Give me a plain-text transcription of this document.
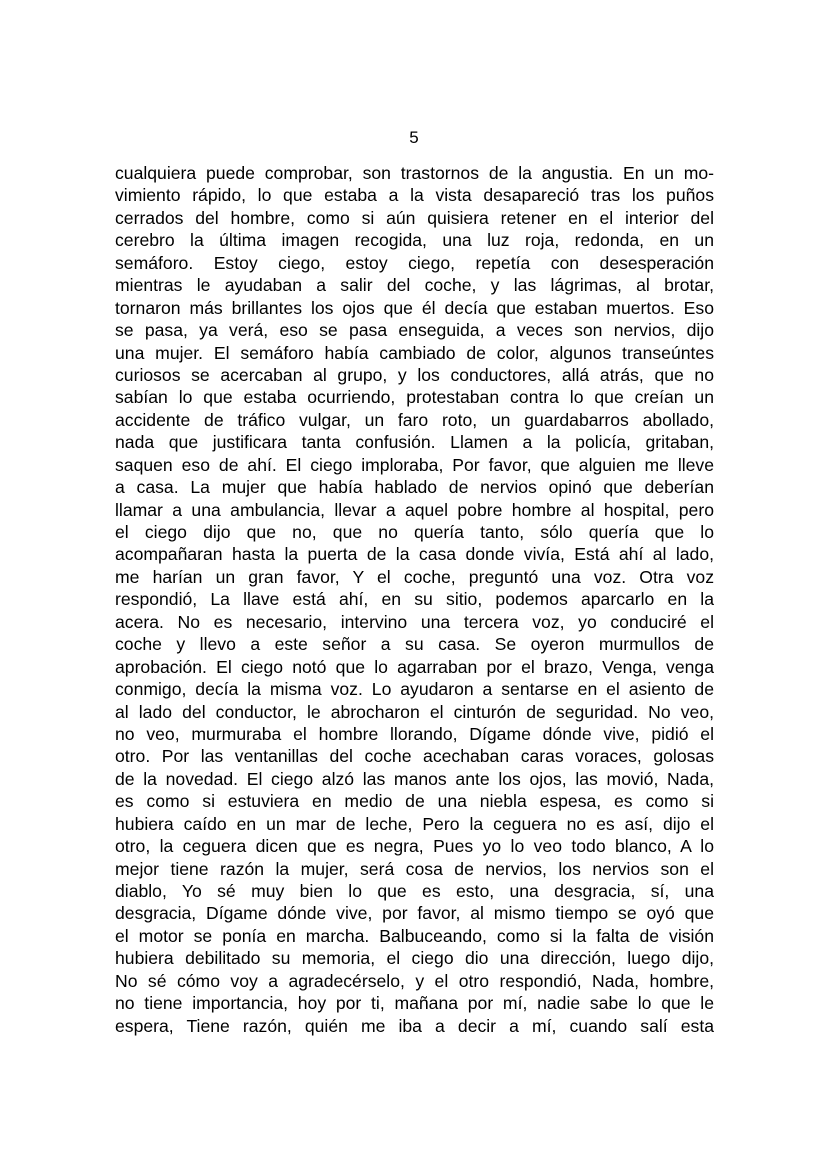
5
cualquiera puede comprobar, son trastornos de la angustia. En un mo-
vimiento rápido, lo que estaba a la vista desapareció tras los puños
cerrados del hombre, como si aún quisiera retener en el interior del
cerebro la última imagen recogida, una luz roja, redonda, en un
semáforo. Estoy ciego, estoy ciego, repetía con desesperación
mientras le ayudaban a salir del coche, y las lágrimas, al brotar,
tornaron más brillantes los ojos que él decía que estaban muertos. Eso
se pasa, ya verá, eso se pasa enseguida, a veces son nervios, dijo
una mujer. El semáforo había cambiado de color, algunos transeúntes
curiosos se acercaban al grupo, y los conductores, allá atrás, que no
sabían lo que estaba ocurriendo, protestaban contra lo que creían un
accidente de tráfico vulgar, un faro roto, un guardabarros abollado,
nada que justificara tanta confusión. Llamen a la policía, gritaban,
saquen eso de ahí. El ciego imploraba, Por favor, que alguien me lleve
a casa. La mujer que había hablado de nervios opinó que deberían
llamar a una ambulancia, llevar a aquel pobre hombre al hospital, pero
el ciego dijo que no, que no quería tanto, sólo quería que lo
acompañaran hasta la puerta de la casa donde vivía, Está ahí al lado,
me harían un gran favor, Y el coche, preguntó una voz. Otra voz
respondió, La llave está ahí, en su sitio, podemos aparcarlo en la
acera. No es necesario, intervino una tercera voz, yo conduciré el
coche y llevo a este señor a su casa. Se oyeron murmullos de
aprobación. El ciego notó que lo agarraban por el brazo, Venga, venga
conmigo, decía la misma voz. Lo ayudaron a sentarse en el asiento de
al lado del conductor, le abrocharon el cinturón de seguridad. No veo,
no veo, murmuraba el hombre llorando, Dígame dónde vive, pidió el
otro. Por las ventanillas del coche acechaban caras voraces, golosas
de la novedad. El ciego alzó las manos ante los ojos, las movió, Nada,
es como si estuviera en medio de una niebla espesa, es como si
hubiera caído en un mar de leche, Pero la ceguera no es así, dijo el
otro, la ceguera dicen que es negra, Pues yo lo veo todo blanco, A lo
mejor tiene razón la mujer, será cosa de nervios, los nervios son el
diablo, Yo sé muy bien lo que es esto, una desgracia, sí, una
desgracia, Dígame dónde vive, por favor, al mismo tiempo se oyó que
el motor se ponía en marcha. Balbuceando, como si la falta de visión
hubiera debilitado su memoria, el ciego dio una dirección, luego dijo,
No sé cómo voy a agradecérselo, y el otro respondió, Nada, hombre,
no tiene importancia, hoy por ti, mañana por mí, nadie sabe lo que le
espera, Tiene razón, quién me iba a decir a mí, cuando salí esta
